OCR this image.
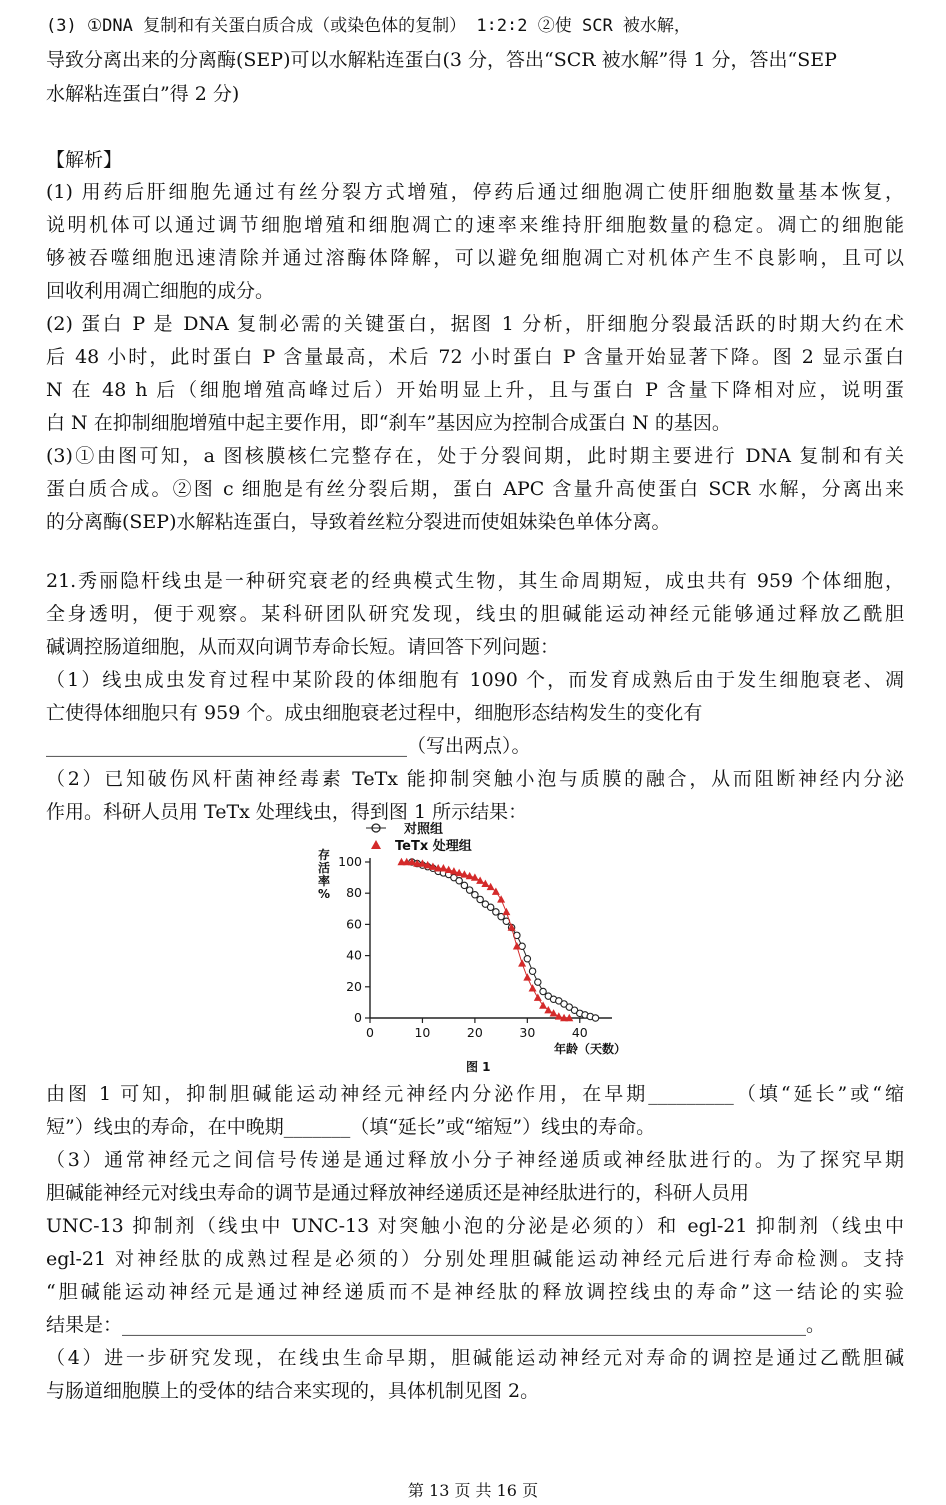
(3) ①DNA 复制和有关蛋白质合成（或染色体的复制） 1∶2∶2 ②使 SCR 被水解，
导致分离出来的分离酶(SEP)可以水解粘连蛋白(3 分，答出“SCR 被水解”得 1 分，答出“SEP
水解粘连蛋白”得 2 分)
【解析】
(1) 用药后肝细胞先通过有丝分裂方式增殖，停药后通过细胞凋亡使肝细胞数量基本恢复，
说明机体可以通过调节细胞增殖和细胞凋亡的速率来维持肝细胞数量的稳定。凋亡的细胞能
够被吞噬细胞迅速清除并通过溶酶体降解，可以避免细胞凋亡对机体产生不良影响，且可以
回收利用凋亡细胞的成分。
(2) 蛋白 P 是 DNA 复制必需的关键蛋白，据图 1 分析，肝细胞分裂最活跃的时期大约在术
后 48 小时，此时蛋白 P 含量最高，术后 72 小时蛋白 P 含量开始显著下降。图 2 显示蛋白
N 在 48 h 后（细胞增殖高峰过后）开始明显上升，且与蛋白 P 含量下降相对应，说明蛋
白 N 在抑制细胞增殖中起主要作用，即“刹车”基因应为控制合成蛋白 N 的基因。
(3)①由图可知，a 图核膜核仁完整存在，处于分裂间期，此时期主要进行 DNA 复制和有关
蛋白质合成。②图 c 细胞是有丝分裂后期，蛋白 APC 含量升高使蛋白 SCR 水解，分离出来
的分离酶(SEP)水解粘连蛋白，导致着丝粒分裂进而使姐妹染色单体分离。
21.秀丽隐杆线虫是一种研究衰老的经典模式生物，其生命周期短，成虫共有 959 个体细胞，
全身透明，便于观察。某科研团队研究发现，线虫的胆碱能运动神经元能够通过释放乙酰胆
碱调控肠道细胞，从而双向调节寿命长短。请回答下列问题：
（1）线虫成虫发育过程中某阶段的体细胞有 1090 个，而发育成熟后由于发生细胞衰老、凋
亡使得体细胞只有 959 个。成虫细胞衰老过程中，细胞形态结构发生的变化有
______________________________________（写出两点）。
（2）已知破伤风杆菌神经毒素 TeTx 能抑制突触小泡与质膜的融合，从而阻断神经内分泌
作用。科研人员用 TeTx 处理线虫，得到图 1 所示结果：
对照组
TeTx 处理组
存活率%
0
20
40
60
80
100
0	10	20	30	40
年龄（天数）
图 1
由图 1 可知，抑制胆碱能运动神经元神经内分泌作用，在早期_________（填“延长”或“缩
短”）线虫的寿命，在中晚期_______（填“延长”或“缩短”）线虫的寿命。
（3）通常神经元之间信号传递是通过释放小分子神经递质或神经肽进行的。为了探究早期
胆碱能神经元对线虫寿命的调节是通过释放神经递质还是神经肽进行的，科研人员用
UNC-13 抑制剂（线虫中 UNC-13 对突触小泡的分泌是必须的）和 egl-21 抑制剂（线虫中
egl-21 对神经肽的成熟过程是必须的）分别处理胆碱能运动神经元后进行寿命检测。支持
“胆碱能运动神经元是通过神经递质而不是神经肽的释放调控线虫的寿命”这一结论的实验
结果是：________________________________________________________________________。
（4）进一步研究发现，在线虫生命早期，胆碱能运动神经元对寿命的调控是通过乙酰胆碱
与肠道细胞膜上的受体的结合来实现的，具体机制见图 2。
第 13 页 共 16 页
